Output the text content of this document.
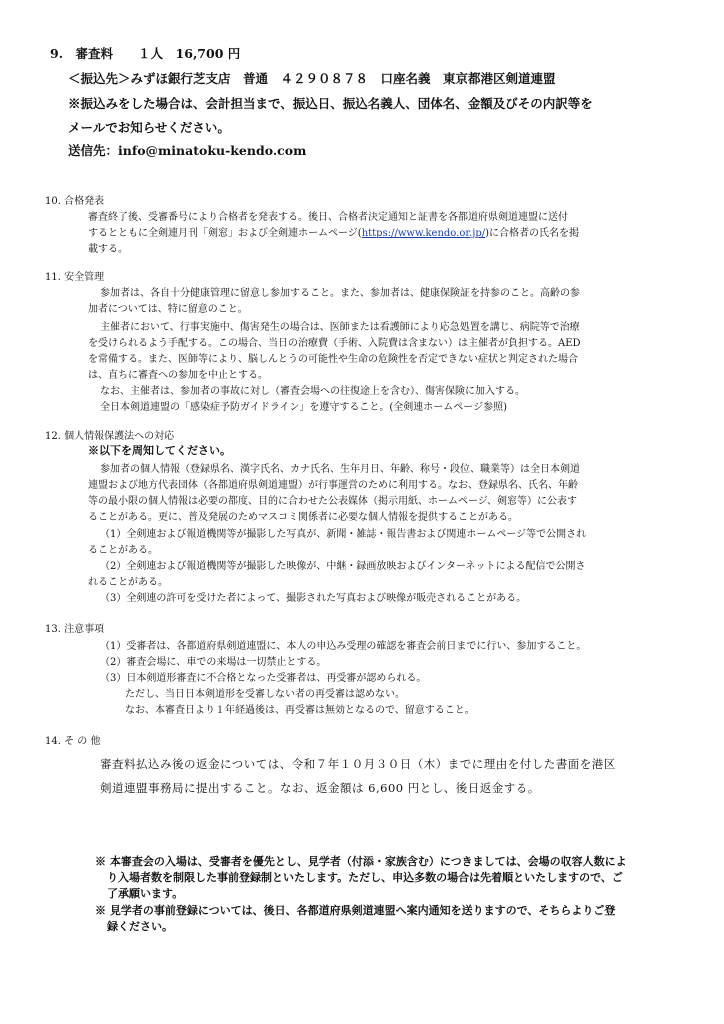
9.　審査料　　１人　16,700 円
＜振込先＞みずほ銀行芝支店　普通　４２９０８７８　口座名義　東京都港区剣道連盟
※振込みをした場合は、会計担当まで、振込日、振込名義人、団体名、金額及びその内訳等を
メールでお知らせください。
送信先：info@minatoku-kendo.com
10. 合格発表
審査終了後、受審番号により合格者を発表する。後日、合格者決定通知と証書を各都道府県剣道連盟に送付
するとともに全剣連月刊「剣窓」および全剣連ホームページ(https://www.kendo.or.jp/)に合格者の氏名を掲
載する。
11. 安全管理
参加者は、各自十分健康管理に留意し参加すること。また、参加者は、健康保険証を持参のこと。高齢の参
加者については、特に留意のこと。
主催者において、行事実施中、傷害発生の場合は、医師または看護師により応急処置を講じ、病院等で治療
を受けられるよう手配する。この場合、当日の治療費（手術、入院費は含まない）は主催者が負担する。AED
を常備する。また、医師等により、脳しんとうの可能性や生命の危険性を否定できない症状と判定された場合
は、直ちに審査への参加を中止とする。
なお、主催者は、参加者の事故に対し（審査会場への往復途上を含む）、傷害保険に加入する。
全日本剣道連盟の「感染症予防ガイドライン」を遵守すること。(全剣連ホームページ参照)
12. 個人情報保護法への対応
※以下を周知してください。
参加者の個人情報（登録県名、漢字氏名、カナ氏名、生年月日、年齢、称号・段位、職業等）は全日本剣道
連盟および地方代表団体（各都道府県剣道連盟）が行事運営のために利用する。なお、登録県名、氏名、年齢
等の最小限の個人情報は必要の都度、目的に合わせた公表媒体（掲示用紙、ホームページ、剣窓等）に公表す
ることがある。更に、普及発展のためマスコミ関係者に必要な個人情報を提供することがある。
（1）全剣連および報道機関等が撮影した写真が、新聞・雑誌・報告書および関連ホームページ等で公開され
ることがある。
（2）全剣連および報道機関等が撮影した映像が、中継・録画放映およびインターネットによる配信で公開さ
れることがある。
（3）全剣連の許可を受けた者によって、撮影された写真および映像が販売されることがある。
13. 注意事項
（1）受審者は、各都道府県剣道連盟に、本人の申込み受理の確認を審査会前日までに行い、参加すること。
（2）審査会場に、車での来場は一切禁止とする。
（3）日本剣道形審査に不合格となった受審者は、再受審が認められる。
ただし、当日日本剣道形を受審しない者の再受審は認めない。
なお、本審査日より１年経過後は、再受審は無効となるので、留意すること。
14. そ の 他
審査料払込み後の返金については、令和７年１０月３０日（木）までに理由を付した書面を港区
剣道連盟事務局に提出すること。なお、返金額は 6,600 円とし、後日返金する。
※ 本審査会の入場は、受審者を優先とし、見学者（付添・家族含む）につきましては、会場の収容人数によ
り入場者数を制限した事前登録制といたします。ただし、申込多数の場合は先着順といたしますので、ご
了承願います。
※ 見学者の事前登録については、後日、各都道府県剣道連盟へ案内通知を送りますので、そちらよりご登
録ください。
